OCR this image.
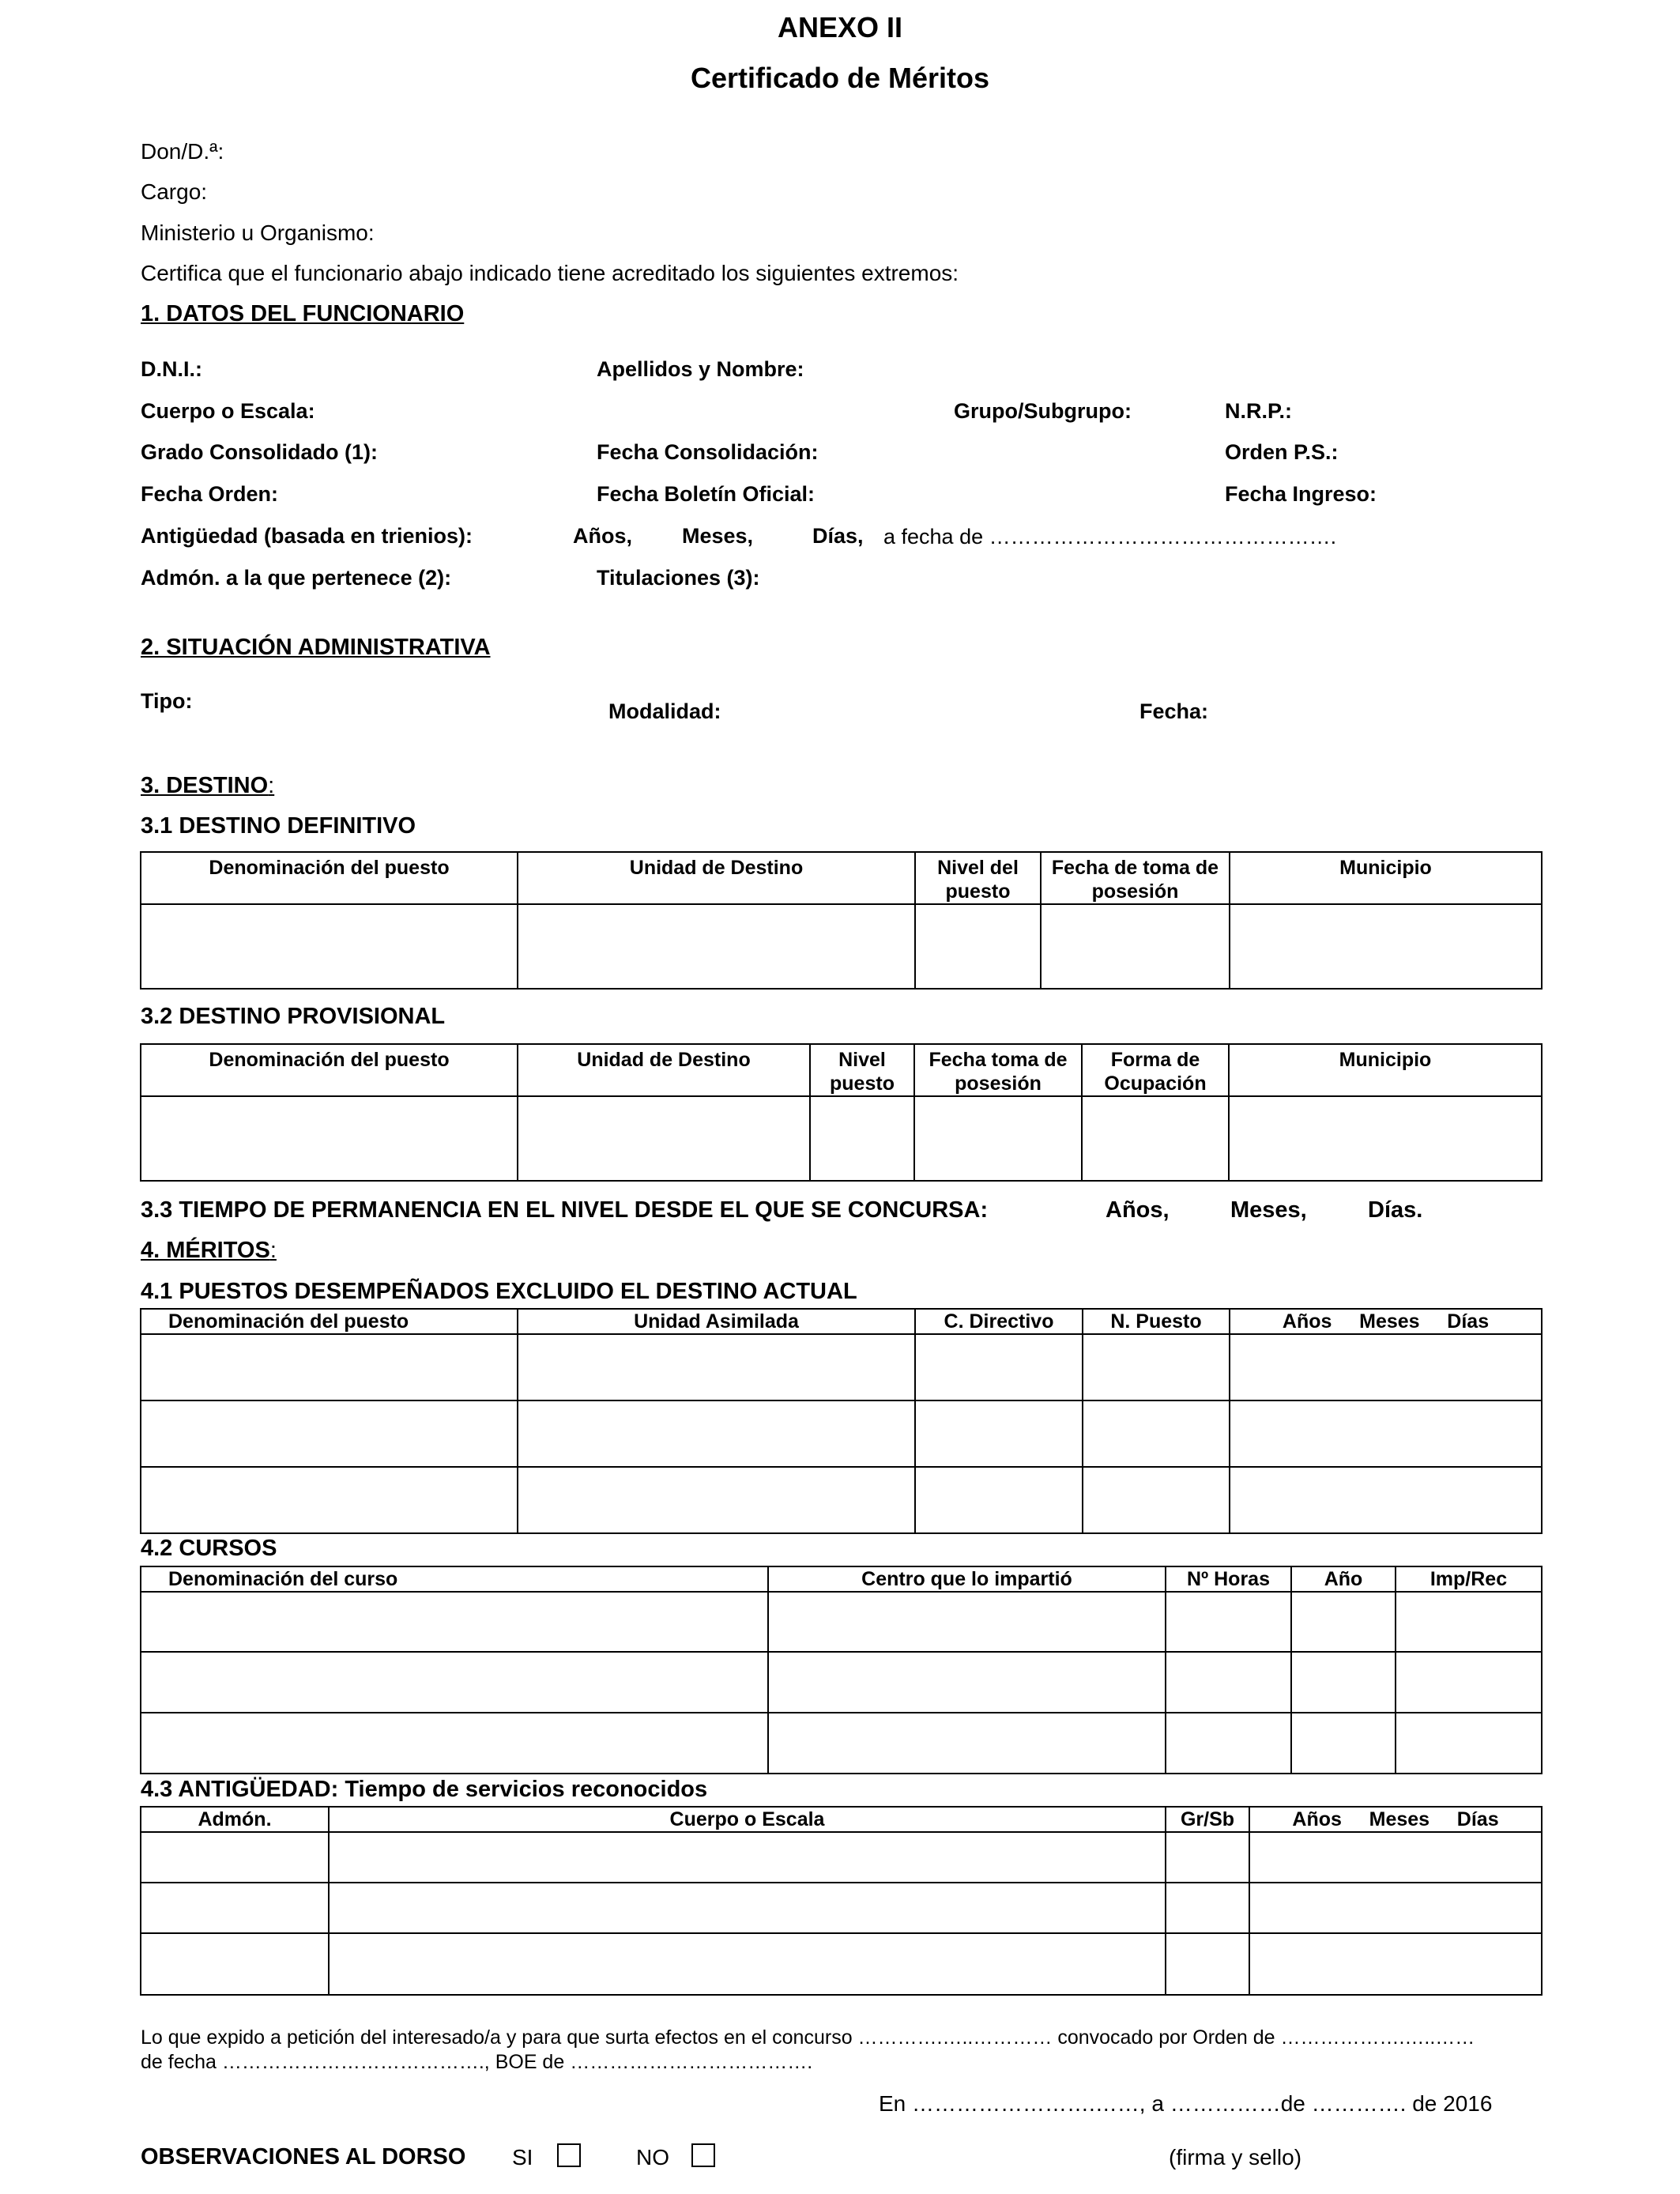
ANEXO II
Certificado de Méritos
Don/D.ª:
Cargo:
Ministerio u Organismo:
Certifica que el funcionario abajo indicado tiene acreditado los siguientes extremos:
1. DATOS DEL FUNCIONARIO
D.N.I.:	Apellidos y Nombre:
Cuerpo o Escala:	Grupo/Subgrupo:	N.R.P.:
Grado Consolidado (1):	Fecha Consolidación:	Orden P.S.:
Fecha Orden:	Fecha Boletín Oficial:	Fecha Ingreso:
Antigüedad (basada en trienios):	Años, Meses,	Días, a fecha de ………………………………………….
Admón. a la que pertenece (2):	Titulaciones (3):
2. SITUACIÓN ADMINISTRATIVA
Tipo:	Modalidad:	Fecha:
3. DESTINO:
3.1 DESTINO DEFINITIVO
Denominación del puesto	Unidad de Destino	Nivel del puesto	Fecha de toma de posesión	Municipio

3.2 DESTINO PROVISIONAL
Denominación del puesto	Unidad de Destino	Nivel puesto	Fecha toma de posesión	Forma de Ocupación	Municipio

3.3 TIEMPO DE PERMANENCIA EN EL NIVEL DESDE EL QUE SE CONCURSA:	Años,	Meses,	Días.
4. MÉRITOS:
4.1 PUESTOS DESEMPEÑADOS EXCLUIDO EL DESTINO ACTUAL
Denominación del puesto	Unidad Asimilada	C. Directivo	N. Puesto	Años     Meses     Días

4.2 CURSOS
Denominación del curso	Centro que lo impartió	Nº Horas	Año	Imp/Rec

4.3 ANTIGÜEDAD: Tiempo de servicios reconocidos
Admón.	Cuerpo o Escala	Gr/Sb	Años     Meses     Días

Lo que expido a petición del interesado/a y para que surta efectos en el concurso ………….…..………… convocado por Orden de ……………….…..……
de fecha …………………………………., BOE de ……………………………….
En …………………….……, a ……………de …………. de 2016
OBSERVACIONES AL DORSO SI	NO	(firma y sello)
